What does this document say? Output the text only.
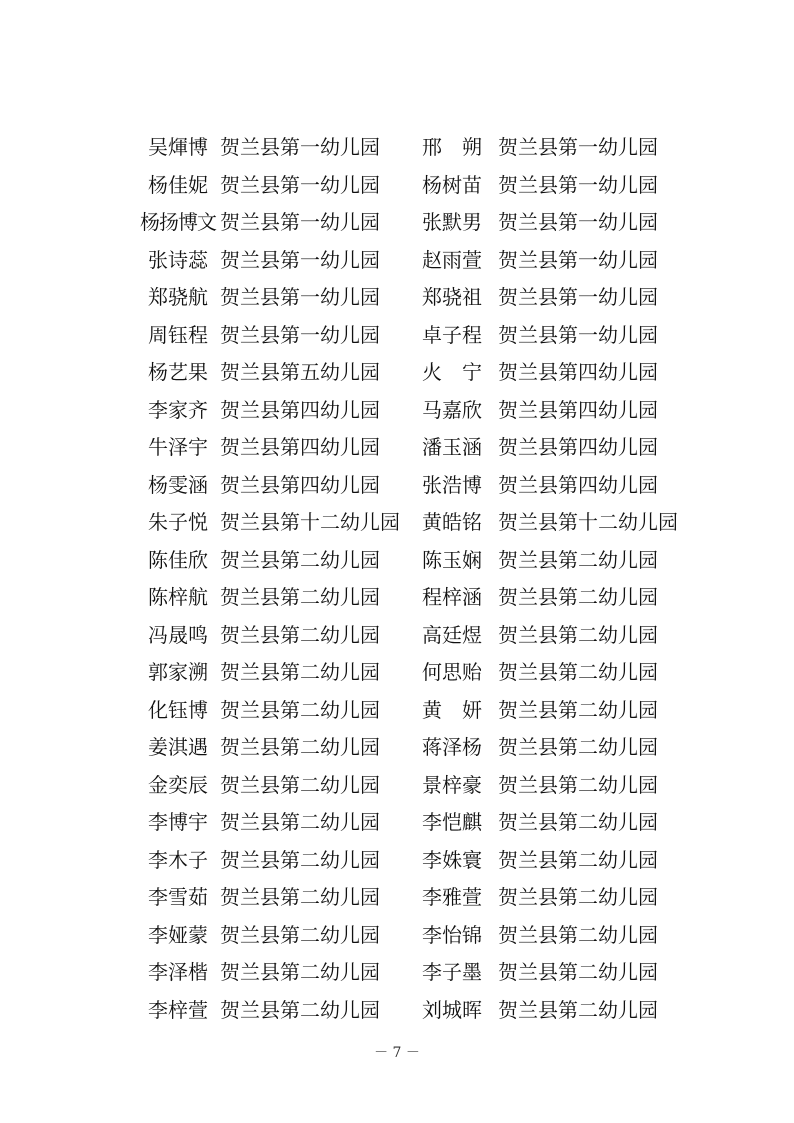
吴煇博 贺兰县第一幼儿园 邢　朔 贺兰县第一幼儿园
杨佳妮 贺兰县第一幼儿园 杨树苗 贺兰县第一幼儿园
杨扬博文 贺兰县第一幼儿园 张默男 贺兰县第一幼儿园
张诗蕊 贺兰县第一幼儿园 赵雨萱 贺兰县第一幼儿园
郑骁航 贺兰县第一幼儿园 郑骁祖 贺兰县第一幼儿园
周钰程 贺兰县第一幼儿园 卓子程 贺兰县第一幼儿园
杨艺果 贺兰县第五幼儿园 火　宁 贺兰县第四幼儿园
李家齐 贺兰县第四幼儿园 马嘉欣 贺兰县第四幼儿园
牛泽宇 贺兰县第四幼儿园 潘玉涵 贺兰县第四幼儿园
杨雯涵 贺兰县第四幼儿园 张浩博 贺兰县第四幼儿园
朱子悦 贺兰县第十二幼儿园 黄皓铭 贺兰县第十二幼儿园
陈佳欣 贺兰县第二幼儿园 陈玉娴 贺兰县第二幼儿园
陈梓航 贺兰县第二幼儿园 程梓涵 贺兰县第二幼儿园
冯晟鸣 贺兰县第二幼儿园 高廷煜 贺兰县第二幼儿园
郭家溯 贺兰县第二幼儿园 何思贻 贺兰县第二幼儿园
化钰博 贺兰县第二幼儿园 黄　妍 贺兰县第二幼儿园
姜淇遇 贺兰县第二幼儿园 蒋泽杨 贺兰县第二幼儿园
金奕辰 贺兰县第二幼儿园 景梓豪 贺兰县第二幼儿园
李博宇 贺兰县第二幼儿园 李恺麒 贺兰县第二幼儿园
李木子 贺兰县第二幼儿园 李姝寰 贺兰县第二幼儿园
李雪茹 贺兰县第二幼儿园 李雅萱 贺兰县第二幼儿园
李娅蒙 贺兰县第二幼儿园 李怡锦 贺兰县第二幼儿园
李泽楷 贺兰县第二幼儿园 李子墨 贺兰县第二幼儿园
李梓萱 贺兰县第二幼儿园 刘城晖 贺兰县第二幼儿园
－ 7 －
